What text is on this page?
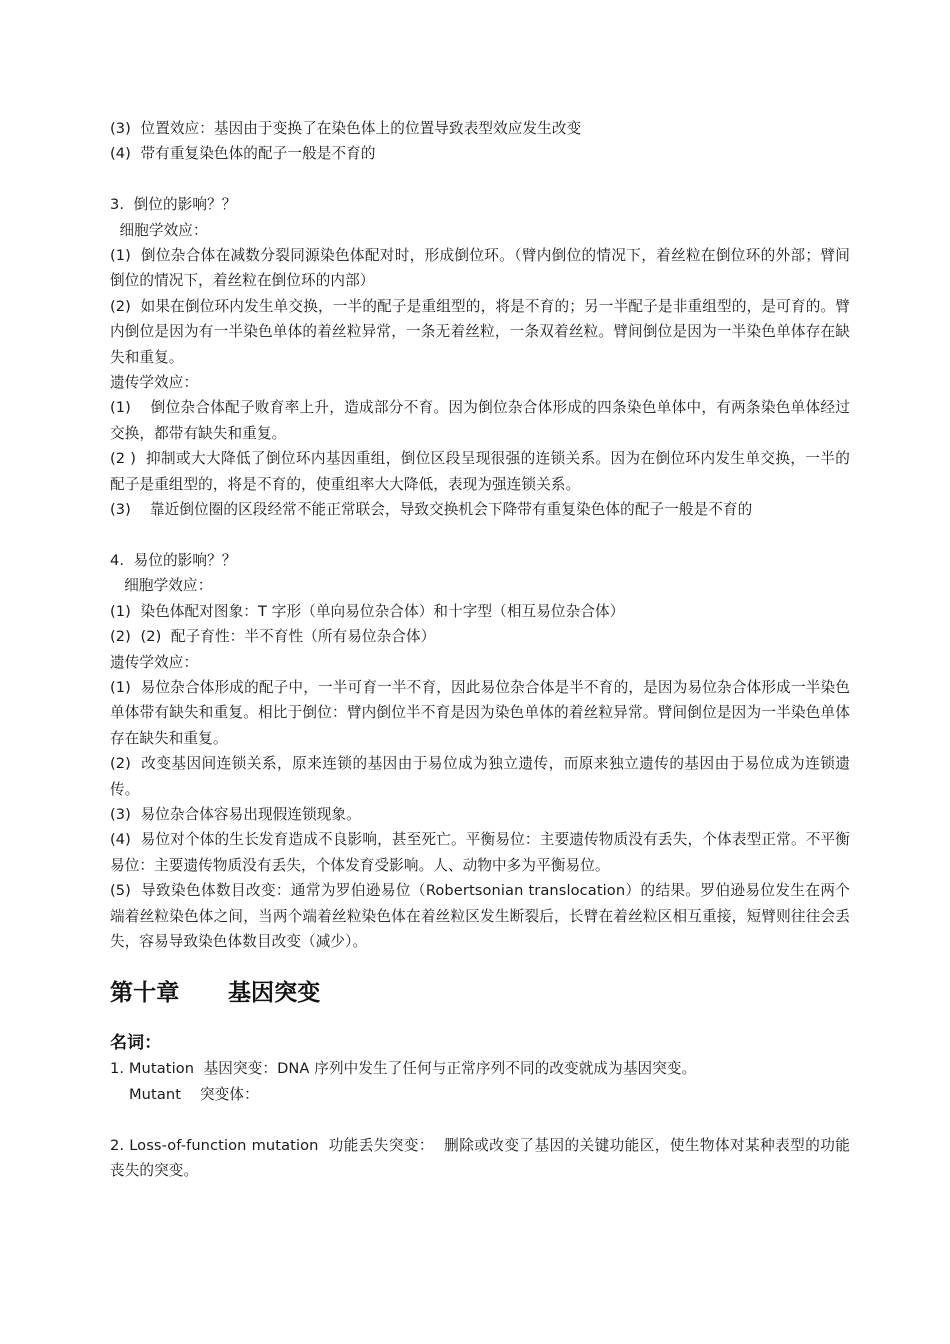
(3)  位置效应：基因由于变换了在染色体上的位置导致表型效应发生改变
(4)  带有重复染色体的配子一般是不育的
3.  倒位的影响？？
细胞学效应：
(1)  倒位杂合体在减数分裂同源染色体配对时，形成倒位环。（臂内倒位的情况下，着丝粒在倒位环的外部；臂间倒位的情况下，着丝粒在倒位环的内部）
(2)  如果在倒位环内发生单交换，一半的配子是重组型的，将是不育的；另一半配子是非重组型的，是可育的。臂内倒位是因为有一半染色单体的着丝粒异常，一条无着丝粒，一条双着丝粒。臂间倒位是因为一半染色单体存在缺失和重复。
遗传学效应：
(1)    倒位杂合体配子败育率上升，造成部分不育。因为倒位杂合体形成的四条染色单体中，有两条染色单体经过交换，都带有缺失和重复。
(2 )  抑制或大大降低了倒位环内基因重组，倒位区段呈现很强的连锁关系。因为在倒位环内发生单交换，一半的配子是重组型的，将是不育的，使重组率大大降低，表现为强连锁关系。
(3)    靠近倒位圈的区段经常不能正常联会，导致交换机会下降带有重复染色体的配子一般是不育的
4.  易位的影响？？
细胞学效应：
(1)  染色体配对图象：T 字形（单向易位杂合体）和十字型（相互易位杂合体）
(2)  (2)  配子育性：半不育性（所有易位杂合体）
遗传学效应：
(1)  易位杂合体形成的配子中，一半可育一半不育，因此易位杂合体是半不育的，是因为易位杂合体形成一半染色单体带有缺失和重复。相比于倒位：臂内倒位半不育是因为染色单体的着丝粒异常。臂间倒位是因为一半染色单体存在缺失和重复。
(2)  改变基因间连锁关系，原来连锁的基因由于易位成为独立遗传，而原来独立遗传的基因由于易位成为连锁遗传。
(3)  易位杂合体容易出现假连锁现象。
(4)  易位对个体的生长发育造成不良影响，甚至死亡。平衡易位：主要遗传物质没有丢失，个体表型正常。不平衡易位：主要遗传物质没有丢失，个体发育受影响。人、动物中多为平衡易位。
(5)  导致染色体数目改变：通常为罗伯逊易位（Robertsonian translocation）的结果。罗伯逊易位发生在两个端着丝粒染色体之间，当两个端着丝粒染色体在着丝粒区发生断裂后，长臂在着丝粒区相互重接，短臂则往往会丢失，容易导致染色体数目改变（减少）。
第十章      基因突变
名词：
1. Mutation  基因突变：DNA 序列中发生了任何与正常序列不同的改变就成为基因突变。
Mutant    突变体：
2. Loss-of-function mutation  功能丢失突变：  删除或改变了基因的关键功能区，使生物体对某种表型的功能丧失的突变。
